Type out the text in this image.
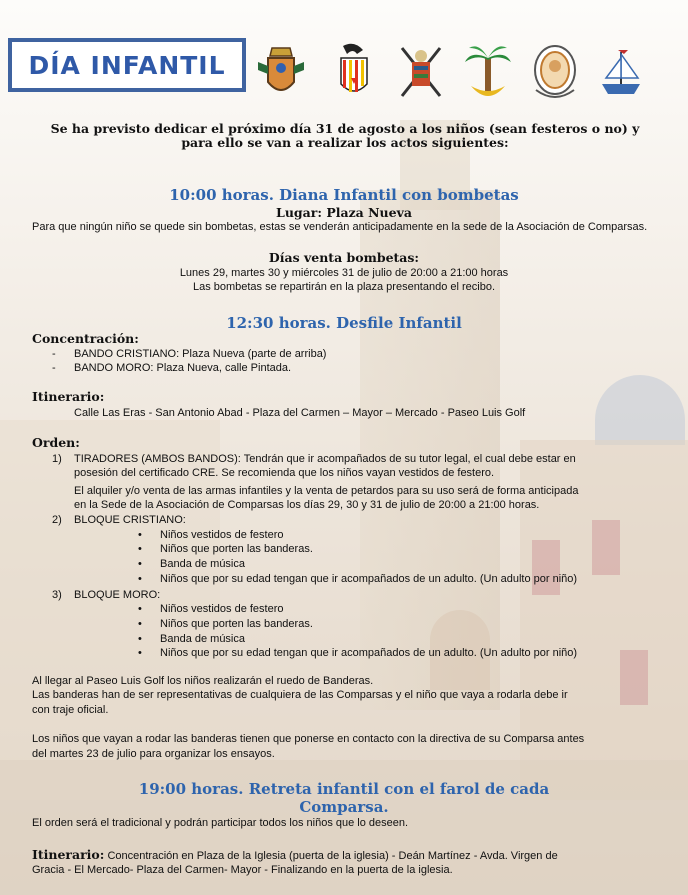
DÍA INFANTIL
Se ha previsto dedicar el próximo día 31 de agosto a los niños (sean festeros o no) y para ello se van a realizar los actos siguientes:
10:00 horas. Diana Infantil con bombetas
Lugar: Plaza Nueva
Para que ningún niño se quede sin bombetas, estas se venderán anticipadamente en la sede de la Asociación de Comparsas.
Días venta bombetas:
Lunes 29, martes 30 y miércoles 31 de julio de 20:00 a 21:00 horas
Las bombetas se repartirán en la plaza presentando el recibo.
12:30 horas. Desfile Infantil
Concentración:
- BANDO CRISTIANO: Plaza Nueva (parte de arriba)
- BANDO MORO: Plaza Nueva, calle Pintada.
Itinerario:
Calle Las Eras - San Antonio Abad - Plaza del Carmen – Mayor – Mercado - Paseo Luis Golf
Orden:
1) TIRADORES (AMBOS BANDOS): Tendrán que ir acompañados de su tutor legal, el cual debe estar en
posesión del certificado CRE. Se recomienda que los niños vayan vestidos de festero.
El alquiler y/o venta de las armas infantiles y la venta de petardos para su uso será de forma anticipada
en la Sede de la Asociación de Comparsas los días 29, 30 y 31 de julio de 20:00 a 21:00 horas.
2) BLOQUE CRISTIANO:
• Niños vestidos de festero
• Niños que porten las banderas.
• Banda de música
• Niños que por su edad tengan que ir acompañados de un adulto. (Un adulto por niño)
3) BLOQUE MORO:
• Niños vestidos de festero
• Niños que porten las banderas.
• Banda de música
• Niños que por su edad tengan que ir acompañados de un adulto. (Un adulto por niño)
Al llegar al Paseo Luis Golf los niños realizarán el ruedo de Banderas.
Las banderas han de ser representativas de cualquiera de las Comparsas y el niño que vaya a rodarla debe ir
con traje oficial.
Los niños que vayan a rodar las banderas tienen que ponerse en contacto con la directiva de su Comparsa antes
del martes 23 de julio para organizar los ensayos.
19:00 horas. Retreta infantil con el farol de cada
Comparsa.
El orden será el tradicional y podrán participar todos los niños que lo deseen.
Itinerario: Concentración en Plaza de la Iglesia (puerta de la iglesia) - Deán Martínez - Avda. Virgen de
Gracia - El Mercado- Plaza del Carmen- Mayor - Finalizando en la puerta de la iglesia.
